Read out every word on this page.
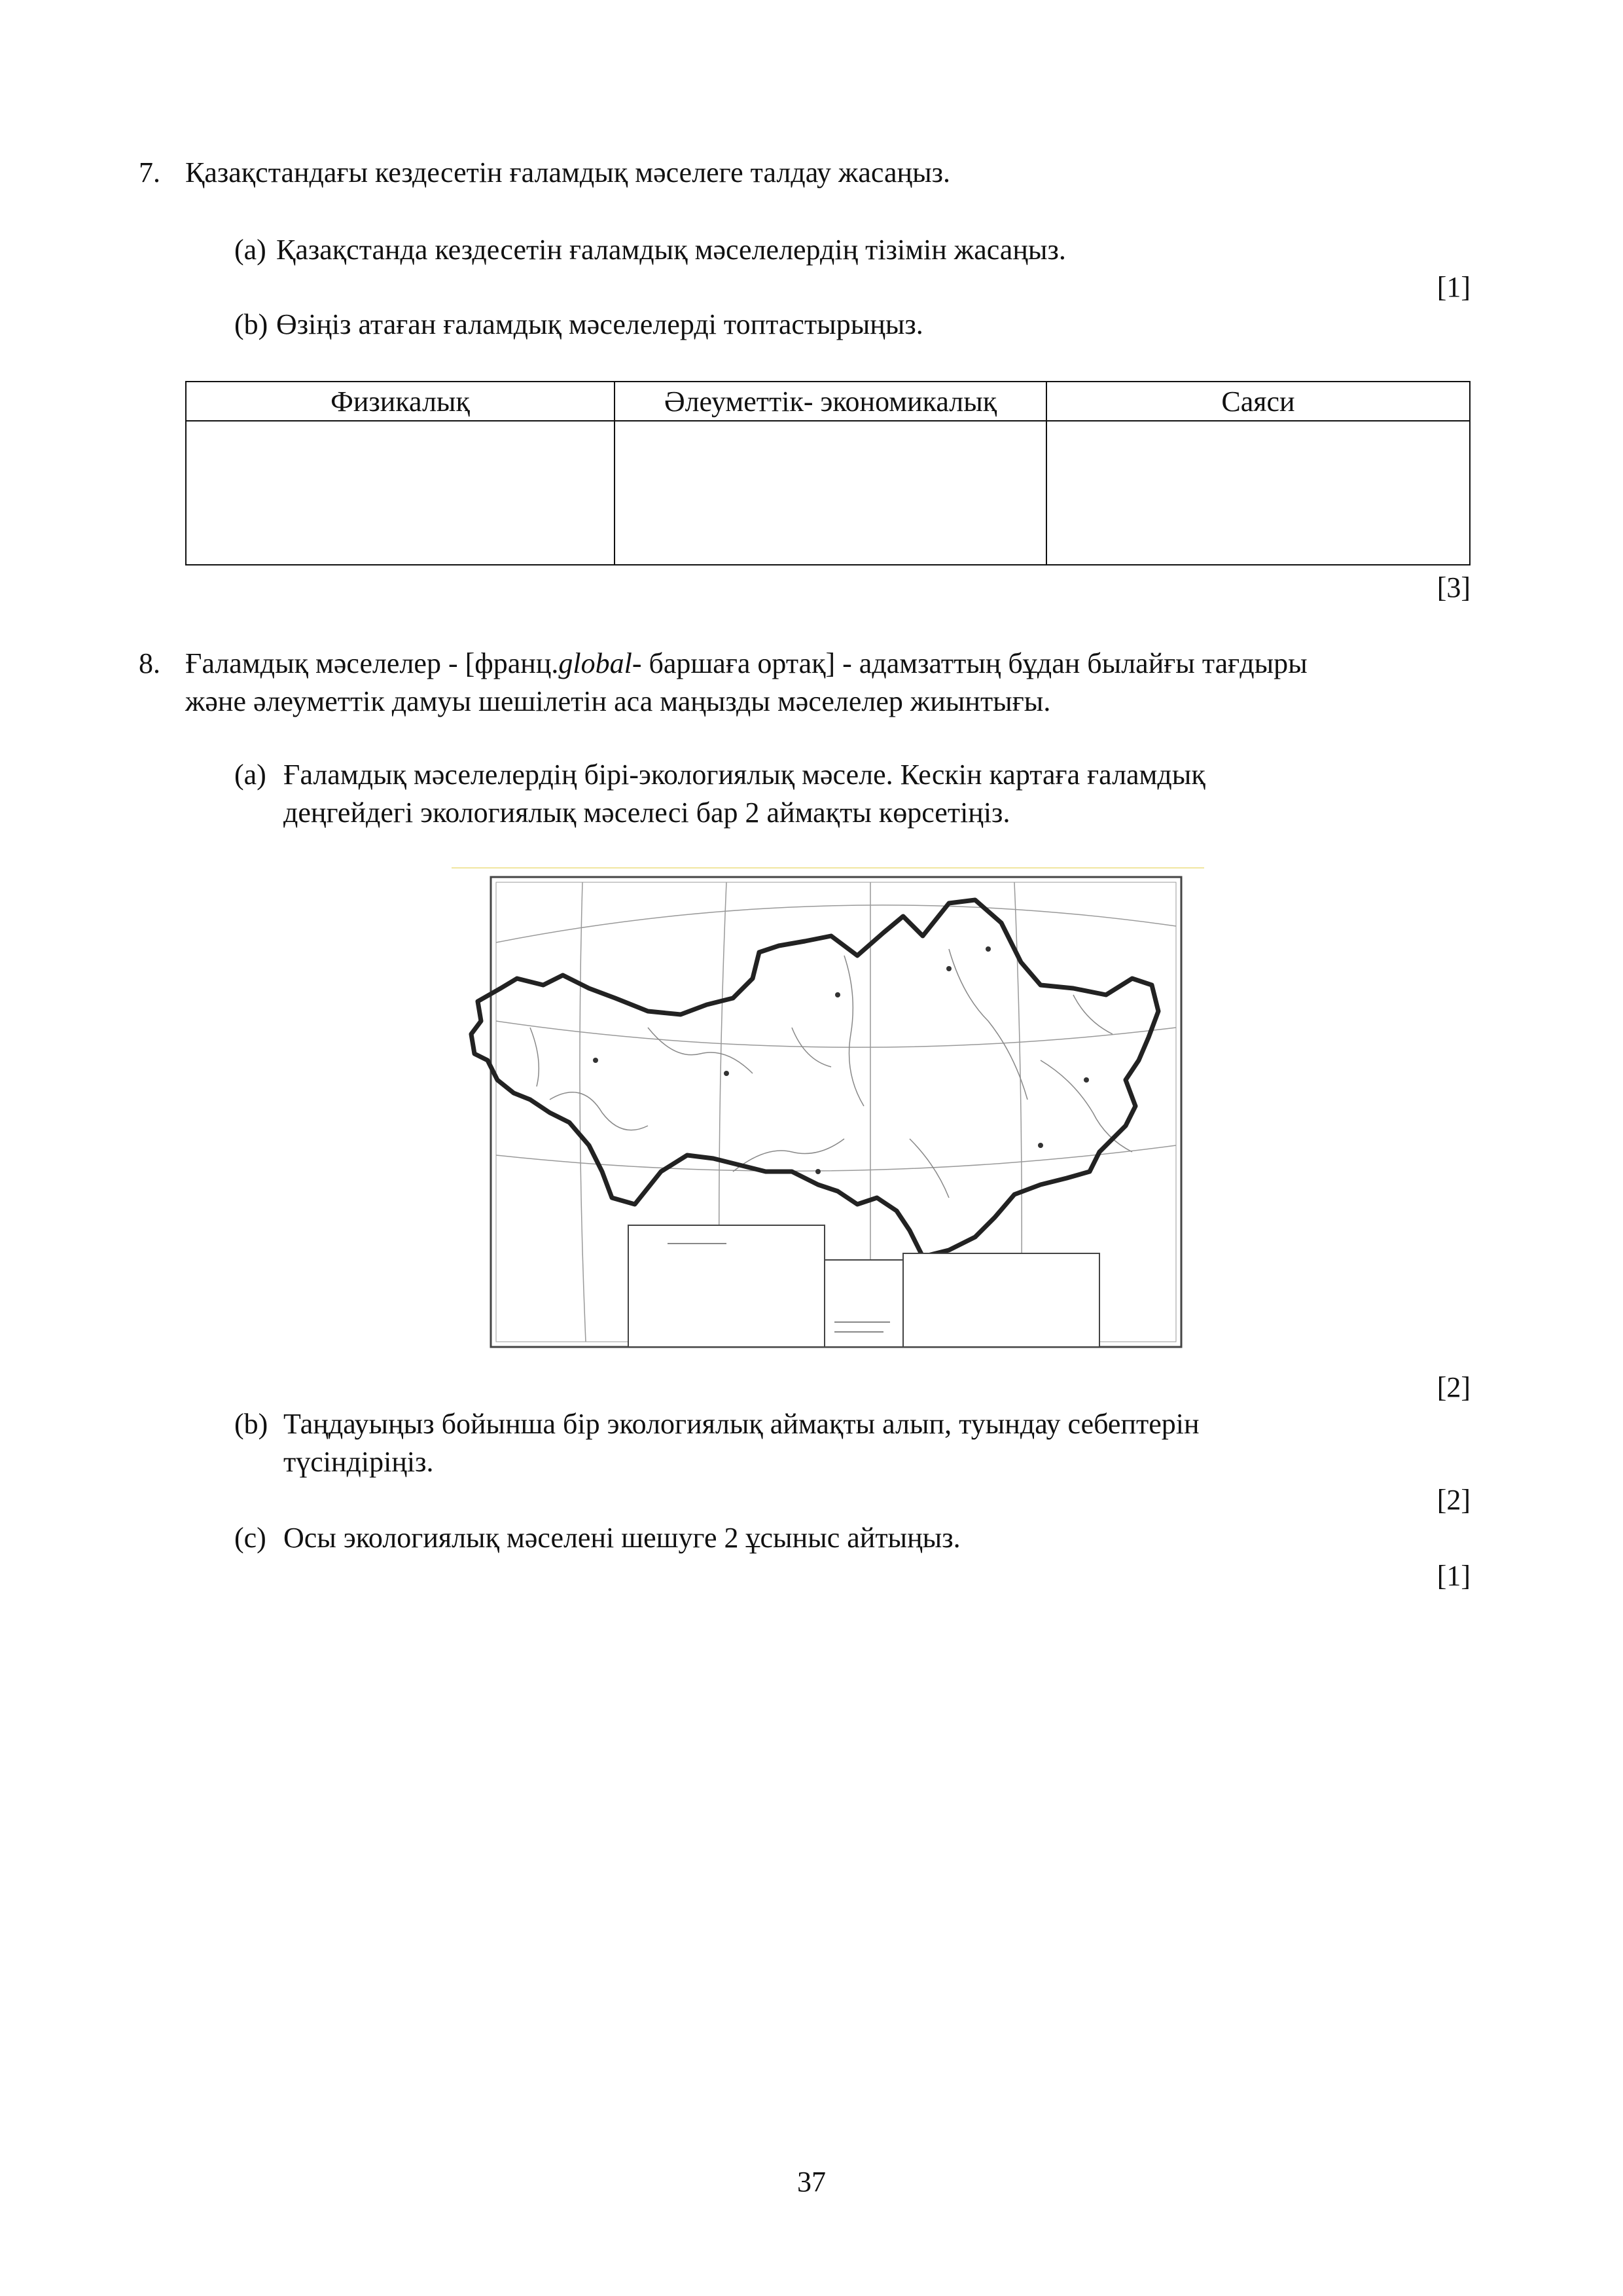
7. Қазақстандағы кездесетін ғаламдық мәселеге талдау жасаңыз.
(a) Қазақстанда кездесетін ғаламдық мәселелердің тізімін жасаңыз.
[1]
(b) Өзіңіз атаған ғаламдық мәселелерді топтастырыңыз.
Физикалық	Әлеуметтік- экономикалық	Саяси

[3]
8. Ғаламдық мәселелер - [франц.global- баршаға ортақ] - адамзаттың бұдан былайғы тағдыры
және әлеуметтік дамуы шешілетін аса маңызды мәселелер жиынтығы.
(a) Ғаламдық мәселелердің бірі-экологиялық мәселе. Кескін картаға ғаламдық
деңгейдегі экологиялық мәселесі бар 2 аймақты көрсетіңіз.
[2]
(b) Таңдауыңыз бойынша бір экологиялық аймақты алып, туындау себептерін
түсіндіріңіз.
[2]
(c) Осы экологиялық мәселені шешуге 2 ұсыныс айтыңыз.
[1]
37
